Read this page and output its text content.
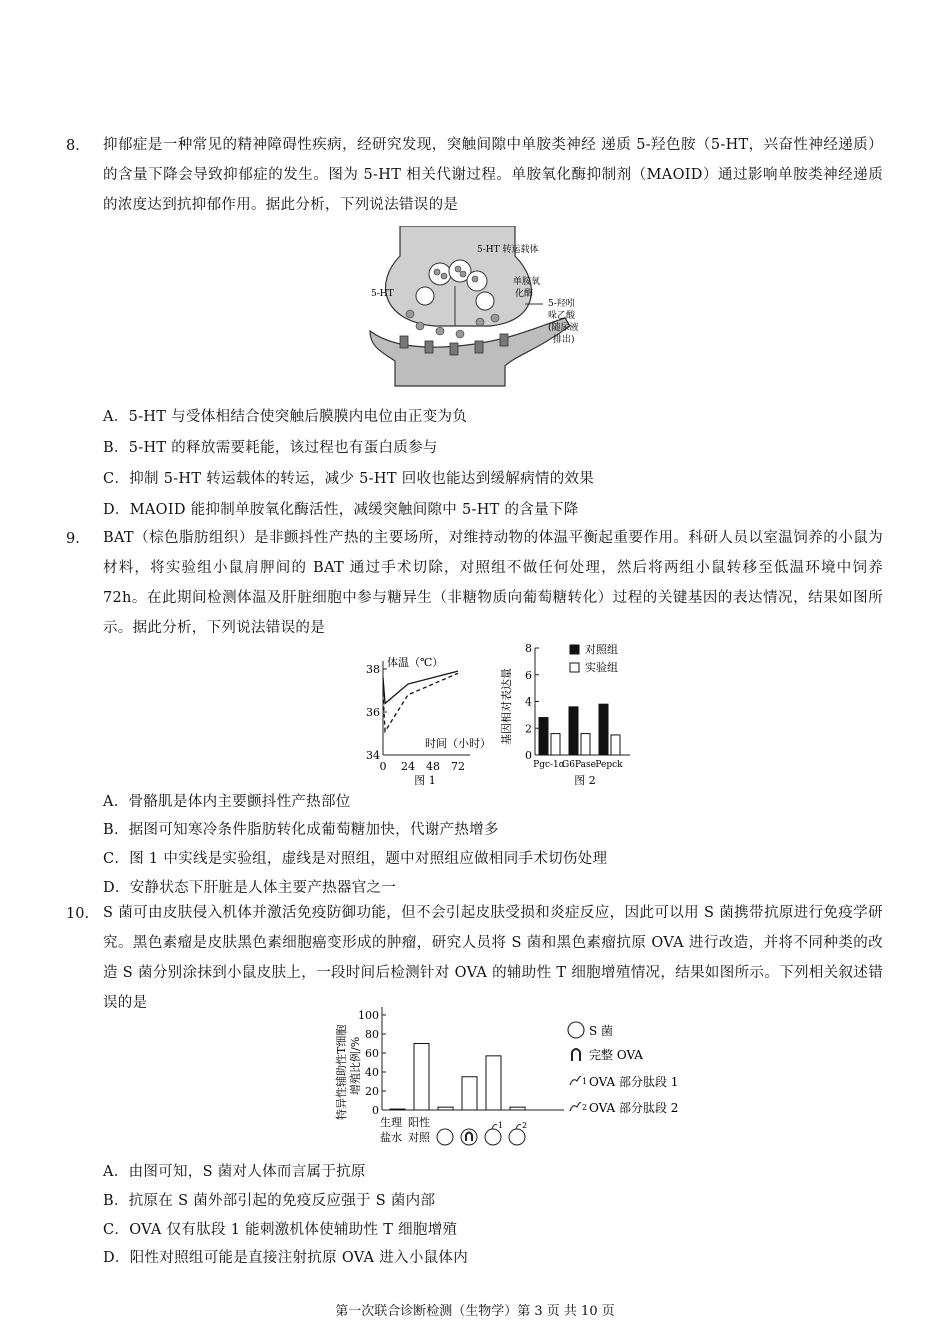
8. 抑郁症是一种常见的精神障碍性疾病，经研究发现，突触间隙中单胺类神经 递质 5-羟色胺（5-HT，兴奋性神经递质）的含量下降会导致抑郁症的发生。图为 5-HT 相关代谢过程。单胺氧化酶抑制剂（MAOID）通过影响单胺类神经递质的浓度达到抗抑郁作用。据此分析，下列说法错误的是
5-HT 转运载体
5-HT
单胺氧
化酶
5-羟吲
哚乙酸
(随尿液
排出)
A．5-HT 与受体相结合使突触后膜膜内电位由正变为负
B．5-HT 的释放需要耗能，该过程也有蛋白质参与
C．抑制 5-HT 转运载体的转运，减少 5-HT 回收也能达到缓解病情的效果
D．MAOID 能抑制单胺氧化酶活性，减缓突触间隙中 5-HT 的含量下降
9. BAT（棕色脂肪组织）是非颤抖性产热的主要场所，对维持动物的体温平衡起重要作用。科研人员以室温饲养的小鼠为材料，将实验组小鼠肩胛间的 BAT 通过手术切除，对照组不做任何处理，然后将两组小鼠转移至低温环境中饲养 72h。在此期间检测体温及肝脏细胞中参与糖异生（非糖物质向葡萄糖转化）过程的关键基因的表达情况，结果如图所示。据此分析，下列说法错误的是
34
36
38
0 24 48 72
体温（℃）
时间（小时）
图 1
0
2
4
6
8
基因相对表达量
Pgc-1α
G6Pase Pepck
对照组
实验组
图 2
A．骨骼肌是体内主要颤抖性产热部位
B．据图可知寒冷条件脂肪转化成葡萄糖加快，代谢产热增多
C．图 1 中实线是实验组，虚线是对照组，题中对照组应做相同手术切伤处理
D．安静状态下肝脏是人体主要产热器官之一
10. S 菌可由皮肤侵入机体并激活免疫防御功能，但不会引起皮肤受损和炎症反应，因此可以用 S 菌携带抗原进行免疫学研究。黑色素瘤是皮肤黑色素细胞癌变形成的肿瘤，研究人员将 S 菌和黑色素瘤抗原 OVA 进行改造，并将不同种类的改造 S 菌分别涂抹到小鼠皮肤上，一段时间后检测针对 OVA 的辅助性 T 细胞增殖情况，结果如图所示。下列相关叙述错误的是
0
20
40
60
80
100
特异性辅助性T细胞 增殖比例/%
生理
盐水
阳性
对照
1 2
S 菌
完整 OVA
1 OVA 部分肽段 1
2 OVA 部分肽段 2
A．由图可知，S 菌对人体而言属于抗原
B．抗原在 S 菌外部引起的免疫反应强于 S 菌内部
C．OVA 仅有肽段 1 能刺激机体使辅助性 T 细胞增殖
D．阳性对照组可能是直接注射抗原 OVA 进入小鼠体内
第一次联合诊断检测（生物学）第 3 页 共 10 页
